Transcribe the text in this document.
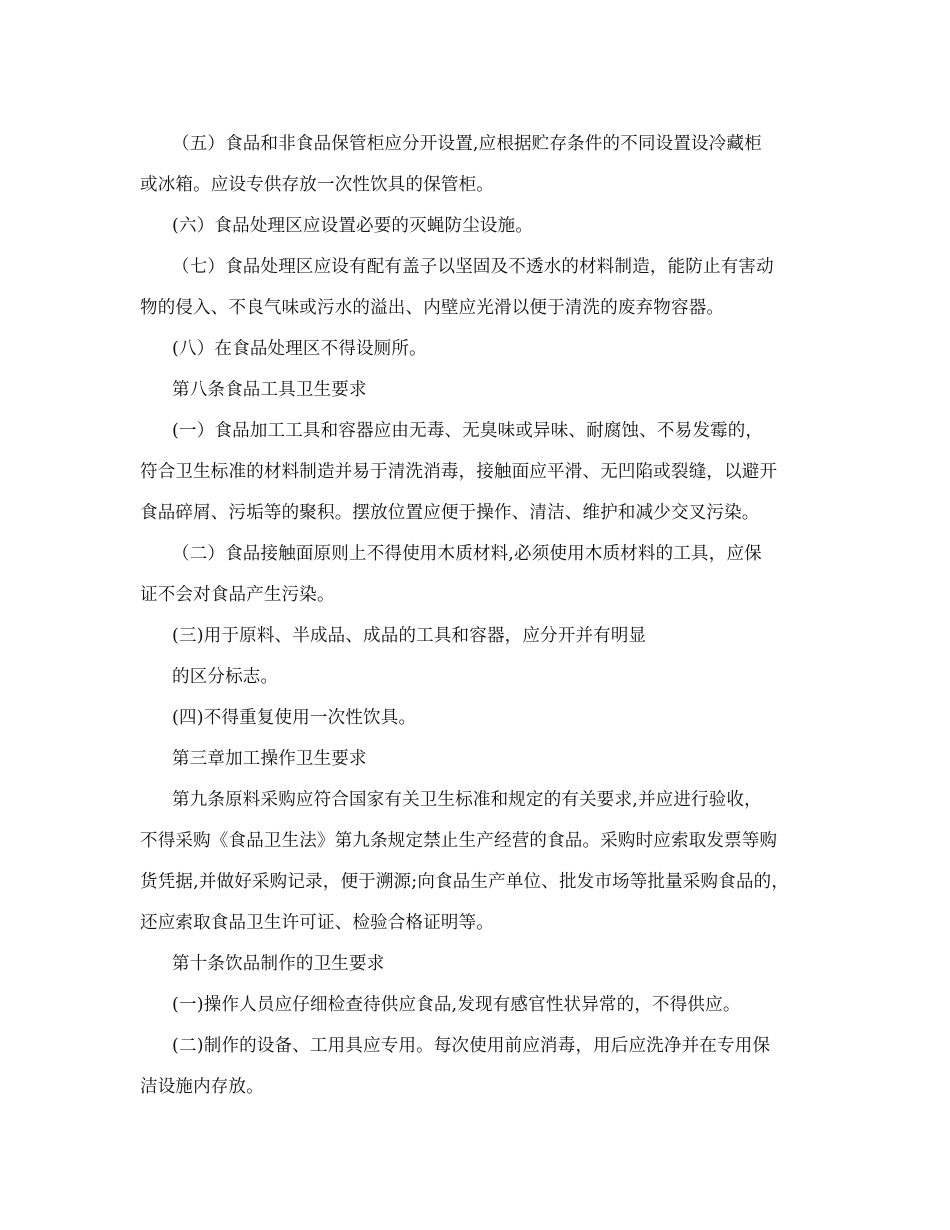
（五）食品和非食品保管柜应分开设置,应根据贮存条件的不同设置设冷藏柜
或冰箱。应设专供存放一次性饮具的保管柜。
(六）食品处理区应设置必要的灭蝇防尘设施。
（七）食品处理区应设有配有盖子以坚固及不透水的材料制造，能防止有害动
物的侵入、不良气味或污水的溢出、内壁应光滑以便于清洗的废弃物容器。
(八）在食品处理区不得设厕所。
第八条食品工具卫生要求
(一）食品加工工具和容器应由无毒、无臭味或异味、耐腐蚀、不易发霉的，
符合卫生标准的材料制造并易于清洗消毒，接触面应平滑、无凹陷或裂缝，以避开
食品碎屑、污垢等的聚积。摆放位置应便于操作、清洁、维护和减少交叉污染。
（二）食品接触面原则上不得使用木质材料,必须使用木质材料的工具，应保
证不会对食品产生污染。
(三)用于原料、半成品、成品的工具和容器，应分开并有明显
的区分标志。
(四)不得重复使用一次性饮具。
第三章加工操作卫生要求
第九条原料采购应符合国家有关卫生标准和规定的有关要求,并应进行验收，
不得采购《食品卫生法》第九条规定禁止生产经营的食品。采购时应索取发票等购
货凭据,并做好采购记录，便于溯源;向食品生产单位、批发市场等批量采购食品的，
还应索取食品卫生许可证、检验合格证明等。
第十条饮品制作的卫生要求
(一)操作人员应仔细检查待供应食品,发现有感官性状异常的，不得供应。
(二)制作的设备、工用具应专用。每次使用前应消毒，用后应洗净并在专用保
洁设施内存放。
